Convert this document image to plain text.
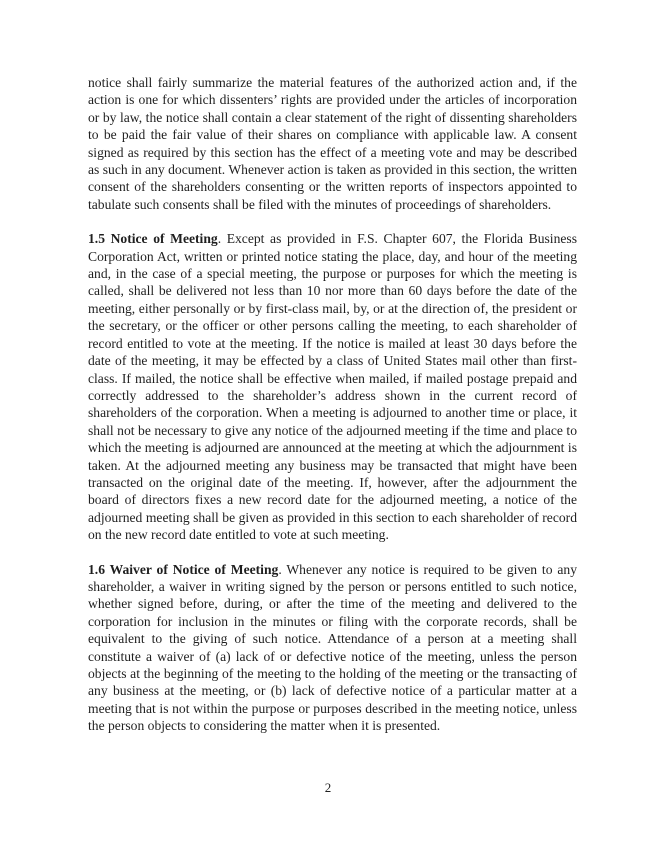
notice shall fairly summarize the material features of the authorized action and, if the action is one for which dissenters’ rights are provided under the articles of incorporation or by law, the notice shall contain a clear statement of the right of dissenting shareholders to be paid the fair value of their shares on compliance with applicable law. A consent signed as required by this section has the effect of a meeting vote and may be described as such in any document. Whenever action is taken as provided in this section, the written consent of the shareholders consenting or the written reports of inspectors appointed to tabulate such consents shall be filed with the minutes of proceedings of shareholders.

1.5 Notice of Meeting. Except as provided in F.S. Chapter 607, the Florida Business Corporation Act, written or printed notice stating the place, day, and hour of the meeting and, in the case of a special meeting, the purpose or purposes for which the meeting is called, shall be delivered not less than 10 nor more than 60 days before the date of the meeting, either personally or by first-class mail, by, or at the direction of, the president or the secretary, or the officer or other persons calling the meeting, to each shareholder of record entitled to vote at the meeting. If the notice is mailed at least 30 days before the date of the meeting, it may be effected by a class of United States mail other than first-class. If mailed, the notice shall be effective when mailed, if mailed postage prepaid and correctly addressed to the shareholder’s address shown in the current record of shareholders of the corporation. When a meeting is adjourned to another time or place, it shall not be necessary to give any notice of the adjourned meeting if the time and place to which the meeting is adjourned are announced at the meeting at which the adjournment is taken. At the adjourned meeting any business may be transacted that might have been transacted on the original date of the meeting. If, however, after the adjournment the board of directors fixes a new record date for the adjourned meeting, a notice of the adjourned meeting shall be given as provided in this section to each shareholder of record on the new record date entitled to vote at such meeting.

1.6 Waiver of Notice of Meeting. Whenever any notice is required to be given to any shareholder, a waiver in writing signed by the person or persons entitled to such notice, whether signed before, during, or after the time of the meeting and delivered to the corporation for inclusion in the minutes or filing with the corporate records, shall be equivalent to the giving of such notice. Attendance of a person at a meeting shall constitute a waiver of (a) lack of or defective notice of the meeting, unless the person objects at the beginning of the meeting to the holding of the meeting or the transacting of any business at the meeting, or (b) lack of defective notice of a particular matter at a meeting that is not within the purpose or purposes described in the meeting notice, unless the person objects to considering the matter when it is presented.

2
